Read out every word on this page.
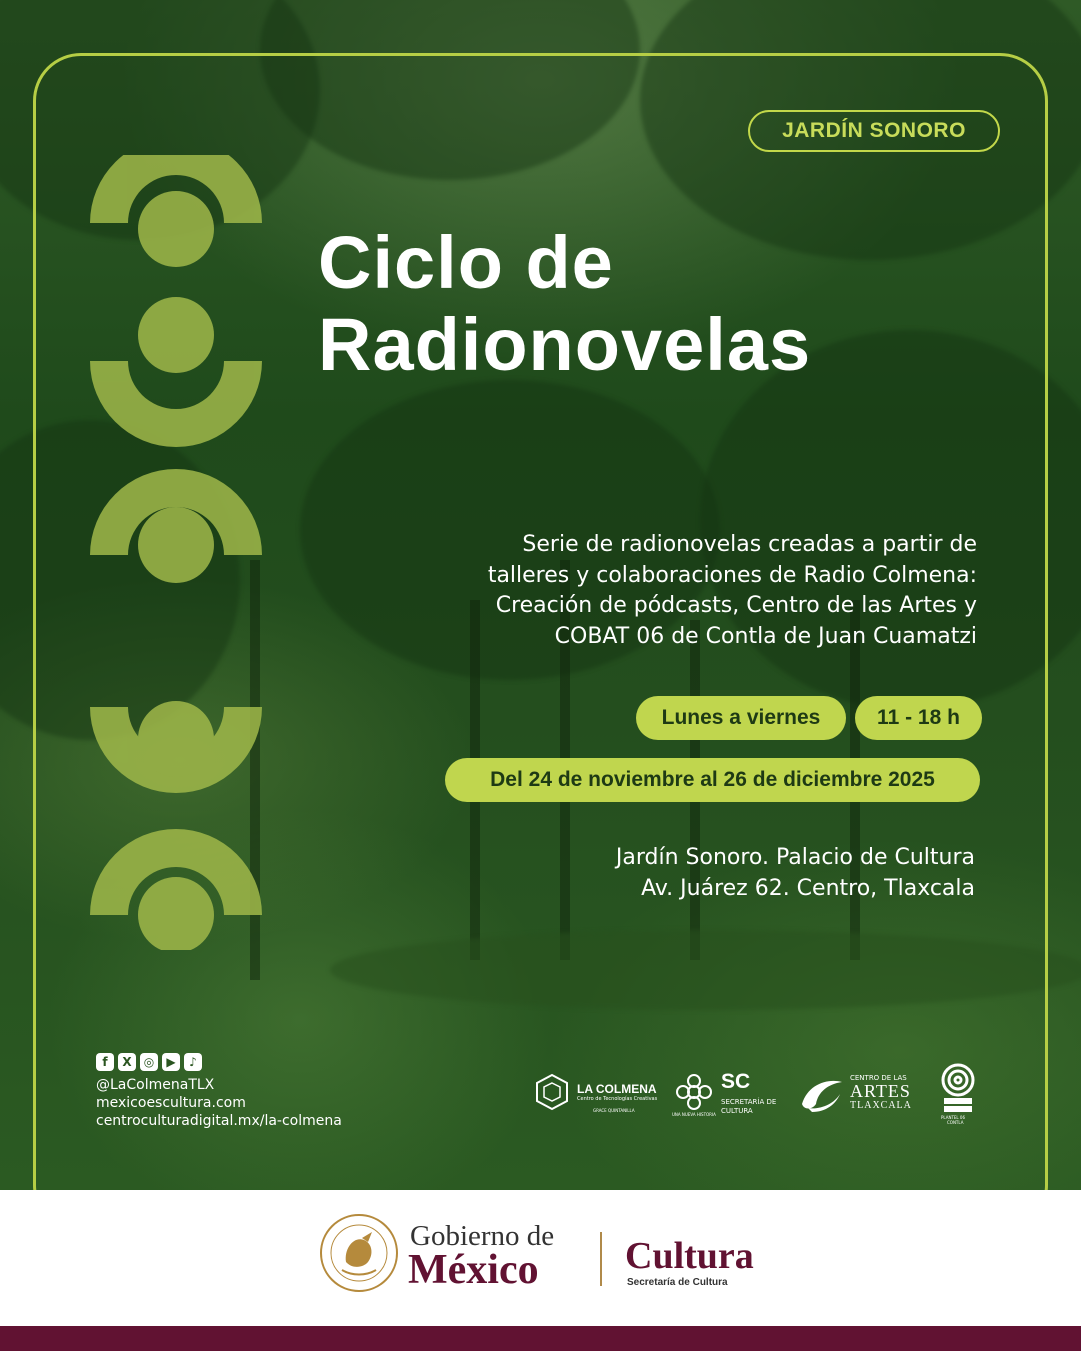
JARDÍN SONORO
Ciclo de
Radionovelas
Serie de radionovelas creadas a partir de
talleres y colaboraciones de Radio Colmena:
Creación de pódcasts, Centro de las Artes y
COBAT 06 de Contla de Juan Cuamatzi
Lunes a viernes	11 - 18 h
Del 24 de noviembre al 26 de diciembre 2025
Jardín Sonoro. Palacio de Cultura
Av. Juárez 62. Centro, Tlaxcala
f	X	◎	▶	♪
@LaColmenaTLX
mexicoescultura.com
centroculturadigital.mx/la-colmena
LA COLMENA
Centro de Tecnologías Creativas
GRACE QUINTANILLA
UNA NUEVA HISTORIA
SC
SECRETARÍA DE
CULTURA
CENTRO DE LAS
ARTES
TLAXCALA
PLANTEL 06
CONTLA
Gobierno de
México Cultura
Secretaría de Cultura
